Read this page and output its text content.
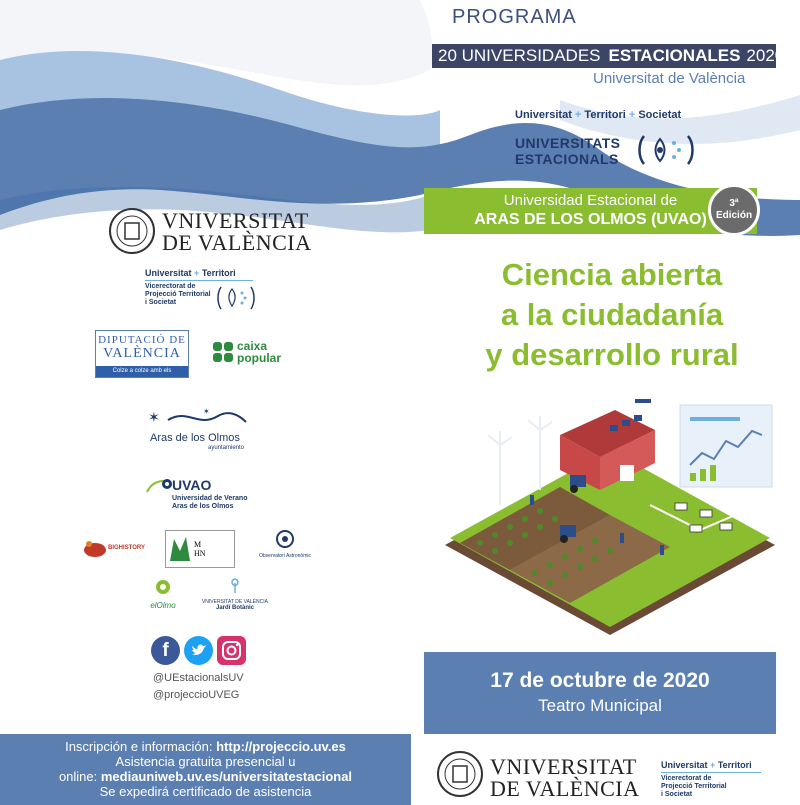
PROGRAMA
20 UNIVERSIDADES ESTACIONALES 2020
Universitat de València
Universitat + Territori + Societat
UNIVERSITATS
ESTACIONALS
Universidad Estacional de
ARAS DE LOS OLMOS (UVAO)
3ª
Edición
Ciencia abierta
a la ciudadanía
y desarrollo rural
17 de octubre de 2020
Teatro Municipal
VNIVERSITAT
DE VALÈNCIA
Universitat + Territori
Vicerectorat de
Projecció Territorial
i Societat
VNIVERSITAT
DE VALÈNCIA
Universitat + Territori
Vicerectorat de
Projecció Territorial
i Societat
DIPUTACIÓ DE
VALÈNCIA
Colze a colze amb els Ajuntaments
caixa
popular
✶	✶
Aras de los Olmos
ayuntamiento
UVAO
Universidad de Verano
Aras de los Olmos
BIGHISTORY	M
HN	Observatori Astronòmic
elOlmo	VNIVERSITAT DE VALÈNCIA
Jardí Botànic
f
@UEstacionalsUV
@projeccioUVEG
Inscripción e información: http://projeccio.uv.es
Asistencia gratuita presencial u
online: mediauniweb.uv.es/universitatestacional
Se expedirá certificado de asistencia
